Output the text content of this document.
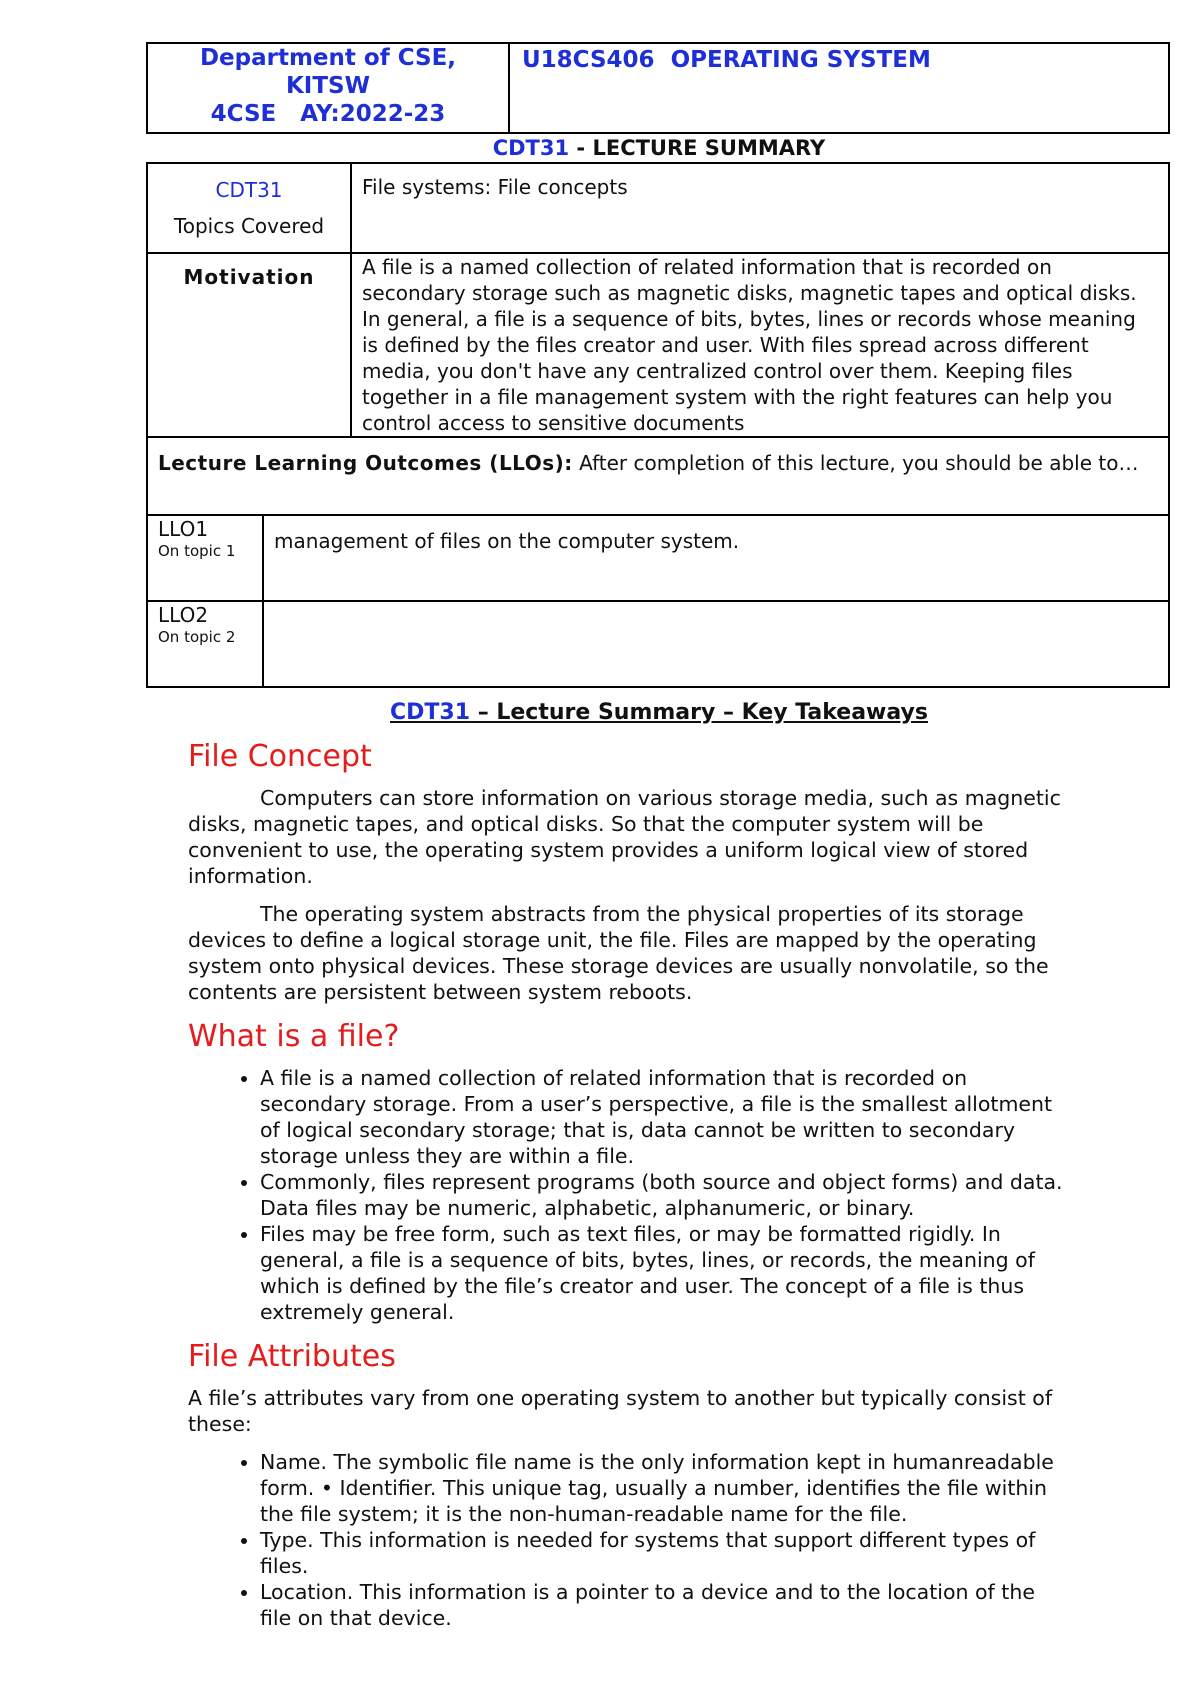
Department of CSE,
KITSW
4CSE   AY:2022-23
	U18CS406  OPERATING SYSTEM
CDT31 - LECTURE SUMMARY
CDT31
Topics Covered	File systems: File concepts
Motivation	A file is a named collection of related information that is recorded on secondary storage such as magnetic disks, magnetic tapes and optical disks. In general, a file is a sequence of bits, bytes, lines or records whose meaning is defined by the files creator and user. With files spread across different media, you don't have any centralized control over them. Keeping files together in a file management system with the right features can help you control access to sensitive documents
Lecture Learning Outcomes (LLOs): After completion of this lecture, you should be able to…	
LLO1
On topic 1	management of files on the computer system.

LLO2
On topic 2	

CDT31 – Lecture Summary – Key Takeaways
File Concept

Computers can store information on various storage media, such as magnetic disks, magnetic tapes, and optical disks. So that the computer system will be convenient to use, the operating system provides a uniform logical view of stored information.

The operating system abstracts from the physical properties of its storage devices to define a logical storage unit, the file. Files are mapped by the operating system onto physical devices. These storage devices are usually nonvolatile, so the contents are persistent between system reboots.

What is a file?
• A file is a named collection of related information that is recorded on secondary storage. From a user’s perspective, a file is the smallest allotment of logical secondary storage; that is, data cannot be written to secondary storage unless they are within a file.
• Commonly, files represent programs (both source and object forms) and data. Data files may be numeric, alphabetic, alphanumeric, or binary.
• Files may be free form, such as text files, or may be formatted rigidly. In general, a file is a sequence of bits, bytes, lines, or records, the meaning of which is defined by the file’s creator and user. The concept of a file is thus extremely general.
File Attributes

A file’s attributes vary from one operating system to another but typically consist of these:

• Name. The symbolic file name is the only information kept in humanreadable form. • Identifier. This unique tag, usually a number, identifies the file within the file system; it is the non-human-readable name for the file.
• Type. This information is needed for systems that support different types of files.
• Location. This information is a pointer to a device and to the location of the file on that device.
